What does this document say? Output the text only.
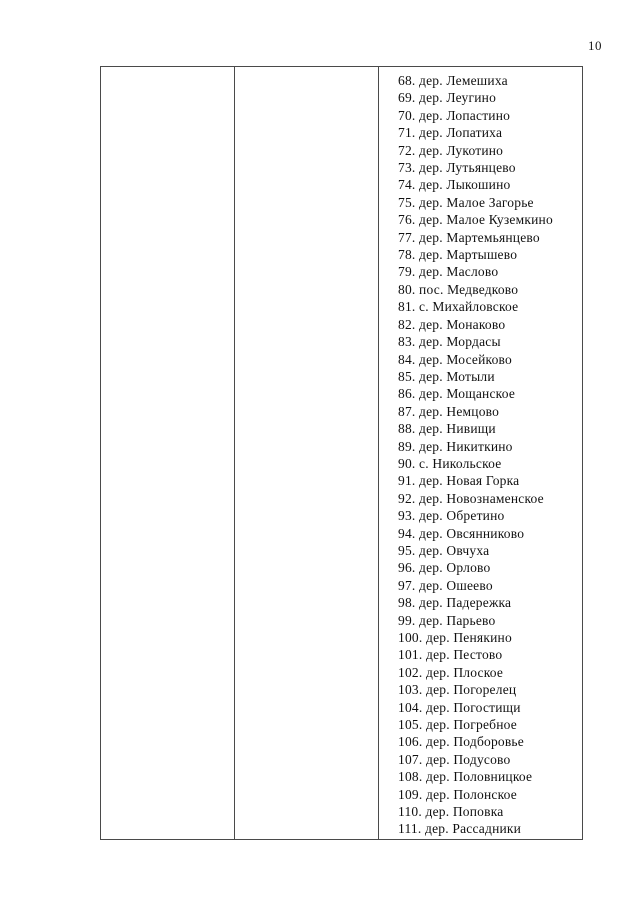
10
68. дер. Лемешиха
69. дер. Леугино
70. дер. Лопастино
71. дер. Лопатиха
72. дер. Лукотино
73. дер. Лутьянцево
74. дер. Лыкошино
75. дер. Малое Загорье
76. дер. Малое Куземкино
77. дер. Мартемьянцево
78. дер. Мартышево
79. дер. Маслово
80. пос. Медведково
81. с. Михайловское
82. дер. Монаково
83. дер. Мордасы
84. дер. Мосейково
85. дер. Мотыли
86. дер. Мощанское
87. дер. Немцово
88. дер. Нивищи
89. дер. Никиткино
90. с. Никольское
91. дер. Новая Горка
92. дер. Новознаменское
93. дер. Обретино
94. дер. Овсянниково
95. дер. Овчуха
96. дер. Орлово
97. дер. Ошеево
98. дер. Падережка
99. дер. Парьево
100. дер. Пенякино
101. дер. Пестово
102. дер. Плоское
103. дер. Погорелец
104. дер. Погостищи
105. дер. Погребное
106. дер. Подборовье
107. дер. Подусово
108. дер. Половницкое
109. дер. Полонское
110. дер. Поповка
111. дер. Рассадники
